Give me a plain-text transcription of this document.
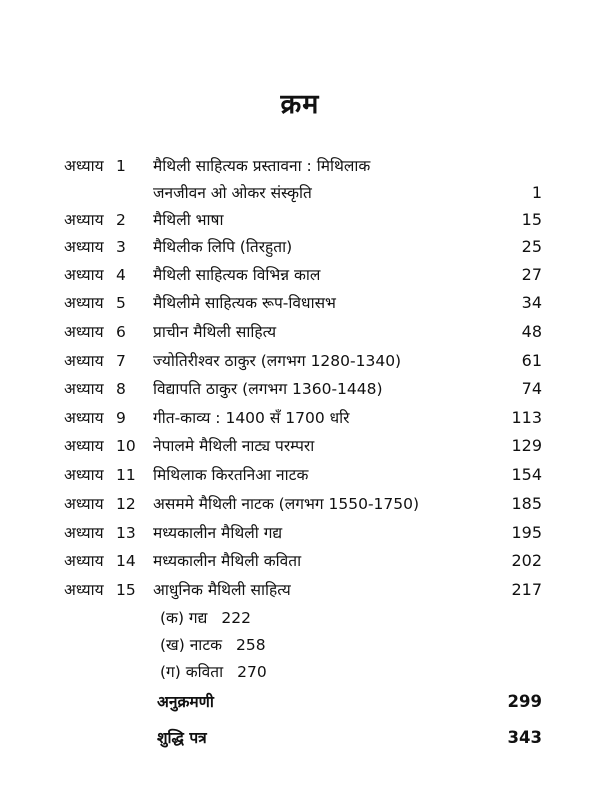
क्रम
अध्याय 1	मैथिली साहित्यक प्रस्तावना : मिथिलाक
जनजीवन ओ ओकर संस्कृति	1
अध्याय 2	मैथिली भाषा	15
अध्याय 3	मैथिलीक लिपि (तिरहुता)	25
अध्याय 4	मैथिली साहित्यक विभिन्न काल	27
अध्याय 5	मैथिलीमे साहित्यक रूप-विधासभ	34
अध्याय 6	प्राचीन मैथिली साहित्य	48
अध्याय 7	ज्योतिरीश्वर ठाकुर (लगभग 1280-1340)	61
अध्याय 8	विद्यापति ठाकुर (लगभग 1360-1448)	74
अध्याय 9	गीत-काव्य : 1400 सँ 1700 धरि	113
अध्याय 10	नेपालमे मैथिली नाट्य परम्परा	129
अध्याय 11	मिथिलाक किरतनिआ नाटक	154
अध्याय 12	असममे मैथिली नाटक (लगभग 1550-1750)	185
अध्याय 13	मध्यकालीन मैथिली गद्य	195
अध्याय 14	मध्यकालीन मैथिली कविता	202
अध्याय 15	आधुनिक मैथिली साहित्य	217
(क) गद्य 222
(ख) नाटक 258
(ग) कविता 270
अनुक्रमणी	299
शुद्धि पत्र	343
